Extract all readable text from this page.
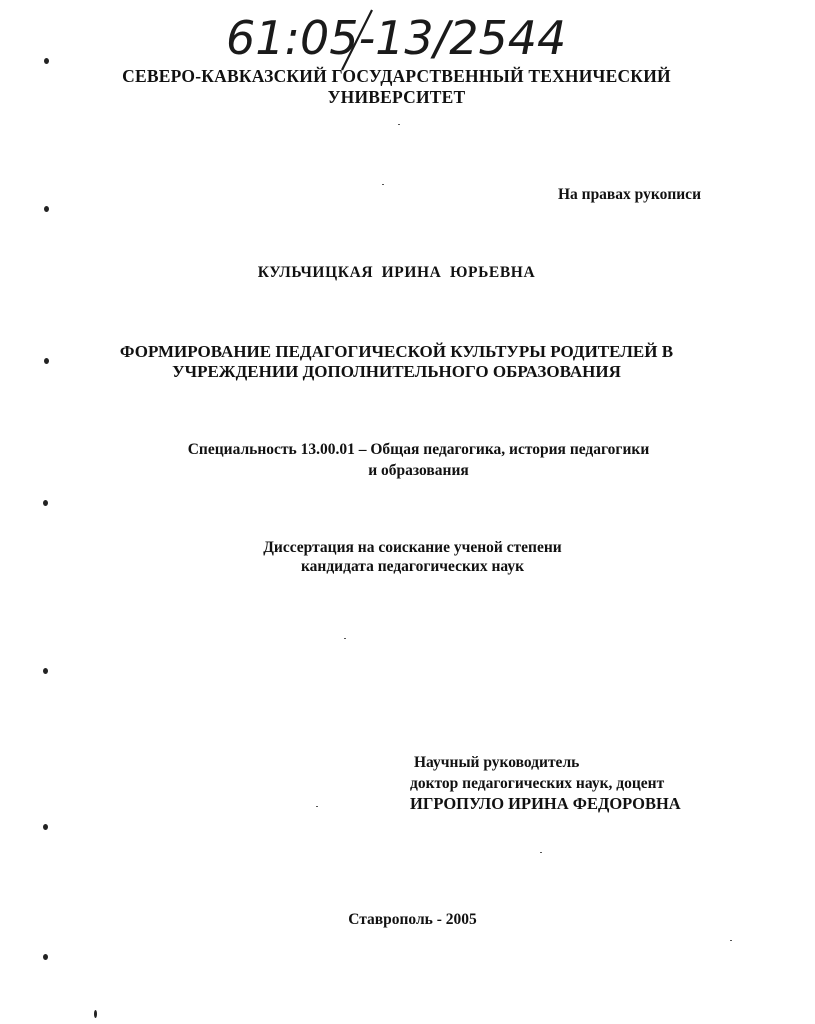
61:05-13/2544
СЕВЕРО-КАВКАЗСКИЙ ГОСУДАРСТВЕННЫЙ ТЕХНИЧЕСКИЙ
УНИВЕРСИТЕТ
На правах рукописи
КУЛЬЧИЦКАЯ ИРИНА ЮРЬЕВНА
ФОРМИРОВАНИЕ ПЕДАГОГИЧЕСКОЙ КУЛЬТУРЫ РОДИТЕЛЕЙ В
УЧРЕЖДЕНИИ ДОПОЛНИТЕЛЬНОГО ОБРАЗОВАНИЯ
Специальность 13.00.01 – Общая педагогика, история педагогики
и образования
Диссертация на соискание ученой степени
кандидата педагогических наук
Научный руководитель
доктор педагогических наук, доцент
ИГРОПУЛО ИРИНА ФЕДОРОВНА
Ставрополь - 2005
